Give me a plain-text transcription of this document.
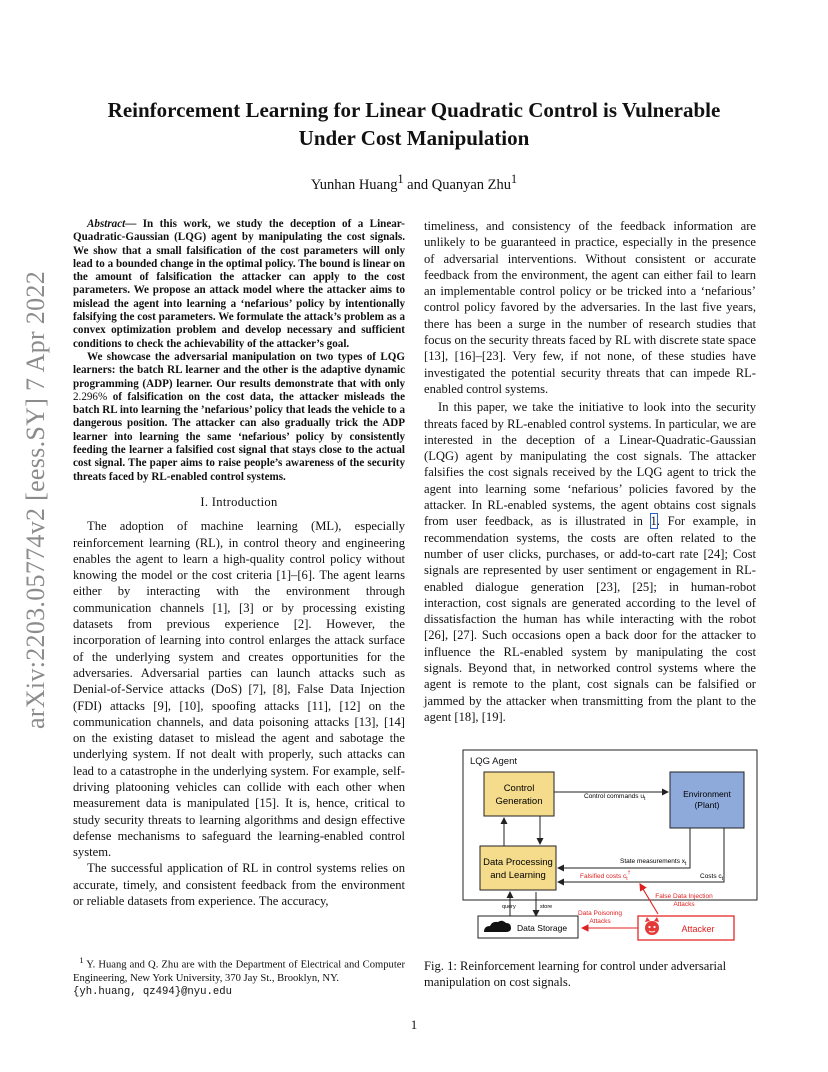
Reinforcement Learning for Linear Quadratic Control is Vulnerable
Under Cost Manipulation
Yunhan Huang$^1$ and Quanyan Zhu$^1$
arXiv:2203.05774v2 [eess.SY] 7 Apr 2022

Abstract— In this work, we study the deception of a Linear-Quadratic-Gaussian (LQG) agent by manipulating the cost signals. We show that a small falsification of the cost parameters will only lead to a bounded change in the optimal policy. The bound is linear on the amount of falsification the attacker can apply to the cost parameters. We propose an attack model where the attacker aims to mislead the agent into learning a ‘nefarious’ policy by intentionally falsifying the cost parameters. We formulate the attack’s problem as a convex optimization problem and develop necessary and sufficient conditions to check the achievability of the attacker’s goal.

We showcase the adversarial manipulation on two types of LQG learners: the batch RL learner and the other is the adaptive dynamic programming (ADP) learner. Our results demonstrate that with only 2.296% of falsification on the cost data, the attacker misleads the batch RL into learning the ’nefarious’ policy that leads the vehicle to a dangerous position. The attacker can also gradually trick the ADP learner into learning the same ‘nefarious’ policy by consistently feeding the learner a falsified cost signal that stays close to the actual cost signal. The paper aims to raise people’s awareness of the security threats faced by RL-enabled control systems.

I. Introduction

The adoption of machine learning (ML), especially reinforcement learning (RL), in control theory and engineering enables the agent to learn a high-quality control policy without knowing the model or the cost criteria [1]–[6]. The agent learns either by interacting with the environment through communication channels [1], [3] or by processing existing datasets from previous experience [2]. However, the incorporation of learning into control enlarges the attack surface of the underlying system and creates opportunities for the adversaries. Adversarial parties can launch attacks such as Denial-of-Service attacks (DoS) [7], [8], False Data Injection (FDI) attacks [9], [10], spoofing attacks [11], [12] on the communication channels, and data poisoning attacks [13], [14] on the existing dataset to mislead the agent and sabotage the underlying system. If not dealt with properly, such attacks can lead to a catastrophe in the underlying system. For example, self-driving platooning vehicles can collide with each other when measurement data is manipulated [15]. It is, hence, critical to study security threats to learning algorithms and design effective defense mechanisms to safeguard the learning-enabled control system.

The successful application of RL in control systems relies on accurate, timely, and consistent feedback from the environment or reliable datasets from experience. The accuracy,

$^1$ Y. Huang and Q. Zhu are with the Department of Electrical and Computer Engineering, New York University, 370 Jay St., Brooklyn, NY.
{yh.huang, qz494}@nyu.edu

timeliness, and consistency of the feedback information are unlikely to be guaranteed in practice, especially in the presence of adversarial interventions. Without consistent or accurate feedback from the environment, the agent can either fail to learn an implementable control policy or be tricked into a ‘nefarious’ control policy favored by the adversaries. In the last five years, there has been a surge in the number of research studies that focus on the security threats faced by RL with discrete state space [13], [16]–[23]. Very few, if not none, of these studies have investigated the potential security threats that can impede RL-enabled control systems.

In this paper, we take the initiative to look into the security threats faced by RL-enabled control systems. In particular, we are interested in the deception of a Linear-Quadratic-Gaussian (LQG) agent by manipulating the cost signals. The attacker falsifies the cost signals received by the LQG agent to trick the agent into learning some ‘nefarious’ policies favored by the attacker. In RL-enabled systems, the agent obtains cost signals from user feedback, as is illustrated in 1. For example, in recommendation systems, the costs are often related to the number of user clicks, purchases, or add-to-cart rate [24]; Cost signals are represented by user sentiment or engagement in RL-enabled dialogue generation [23], [25]; in human-robot interaction, cost signals are generated according to the level of dissatisfaction the human has while interacting with the robot [26], [27]. Such occasions open a back door for the attacker to influence the RL-enabled system by manipulating the cost signals. Beyond that, in networked control systems where the agent is remote to the plant, cost signals can be falsified or jammed by the attacker when transmitting from the plant to the agent [18], [19].

LQG Agent
Control
Generation
Environment
(Plant)
Data Processing
and Learning
Control commands $u_t$
State measurements $x_t$
Costs $c_t$
Falsified costs $c_t^\dagger$
query	store
Data Storage	Attacker
False Data Injection
Attacks
Data Poisoning
Attacks
Fig. 1: Reinforcement learning for control under adversarial manipulation on cost signals.
1
